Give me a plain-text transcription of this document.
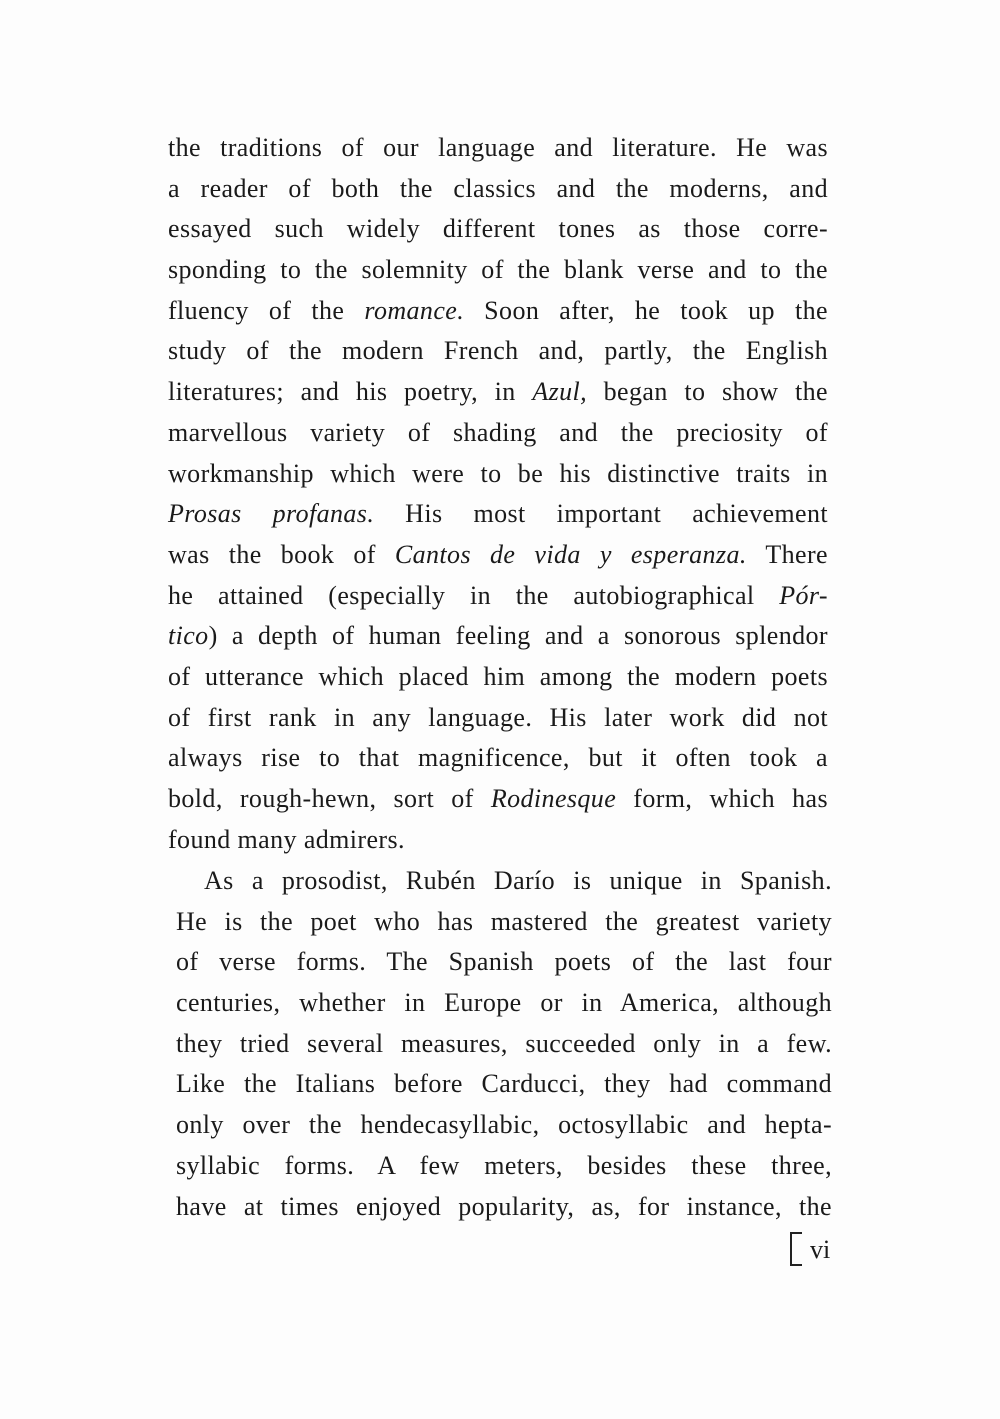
the traditions of our language and literature. He was
a reader of both the classics and the moderns, and
essayed such widely different tones as those corre-
sponding to the solemnity of the blank verse and to the
fluency of the romance. Soon after, he took up the
study of the modern French and, partly, the English
literatures; and his poetry, in Azul, began to show the
marvellous variety of shading and the preciosity of
workmanship which were to be his distinctive traits in
Prosas profanas. His most important achievement
was the book of Cantos de vida y esperanza. There
he attained (especially in the autobiographical Pór-
tico) a depth of human feeling and a sonorous splendor
of utterance which placed him among the modern poets
of first rank in any language. His later work did not
always rise to that magnificence, but it often took a
bold, rough-hewn, sort of Rodinesque form, which has
found many admirers.
As a prosodist, Rubén Darío is unique in Spanish.
He is the poet who has mastered the greatest variety
of verse forms. The Spanish poets of the last four
centuries, whether in Europe or in America, although
they tried several measures, succeeded only in a few.
Like the Italians before Carducci, they had command
only over the hendecasyllabic, octosyllabic and hepta-
syllabic forms. A few meters, besides these three,
have at times enjoyed popularity, as, for instance, the
vi
